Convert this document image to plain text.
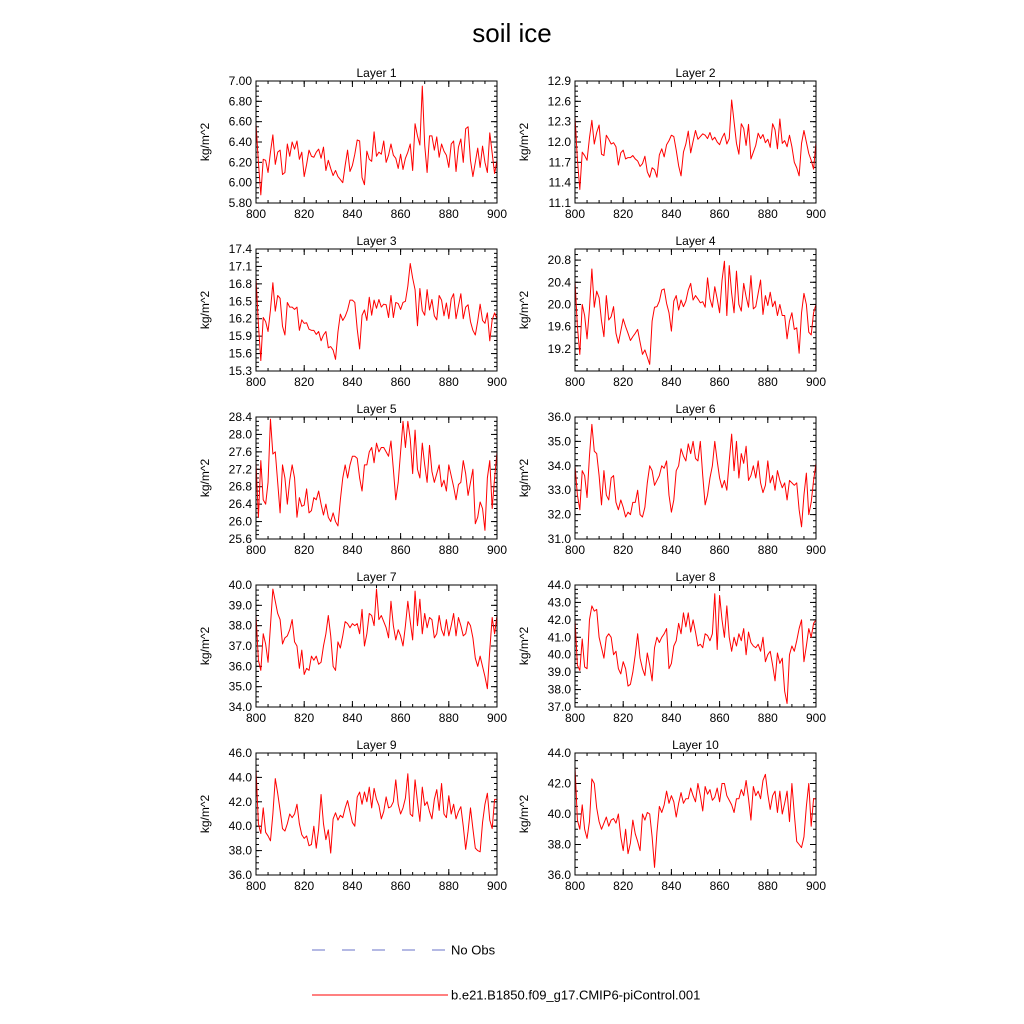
soil ice
Layer 1
kg/m^2
800 820 840 860 880 900
5.80
6.00
6.20
6.40
6.60
6.80
7.00
Layer 2
kg/m^2
800 820 840 860 880 900
11.1
11.4
11.7
12.0
12.3
12.6
12.9
Layer 3
kg/m^2
800 820 840 860 880 900
15.3
15.6
15.9
16.2
16.5
16.8
17.1
17.4
Layer 4
kg/m^2
800 820 840 860 880 900
19.2
19.6
20.0
20.4
20.8
Layer 5
kg/m^2
800 820 840 860 880 900
25.6
26.0
26.4
26.8
27.2
27.6
28.0
28.4
Layer 6
kg/m^2
800 820 840 860 880 900
31.0
32.0
33.0
34.0
35.0
36.0
Layer 7
kg/m^2
800 820 840 860 880 900
34.0
35.0
36.0
37.0
38.0
39.0
40.0
Layer 8
kg/m^2
800 820 840 860 880 900
37.0
38.0
39.0
40.0
41.0
42.0
43.0
44.0
Layer 9
kg/m^2
800 820 840 860 880 900
36.0
38.0
40.0
42.0
44.0
46.0
Layer 10
kg/m^2
800 820 840 860 880 900
36.0
38.0
40.0
42.0
44.0
No Obs
b.e21.B1850.f09_g17.CMIP6-piControl.001
